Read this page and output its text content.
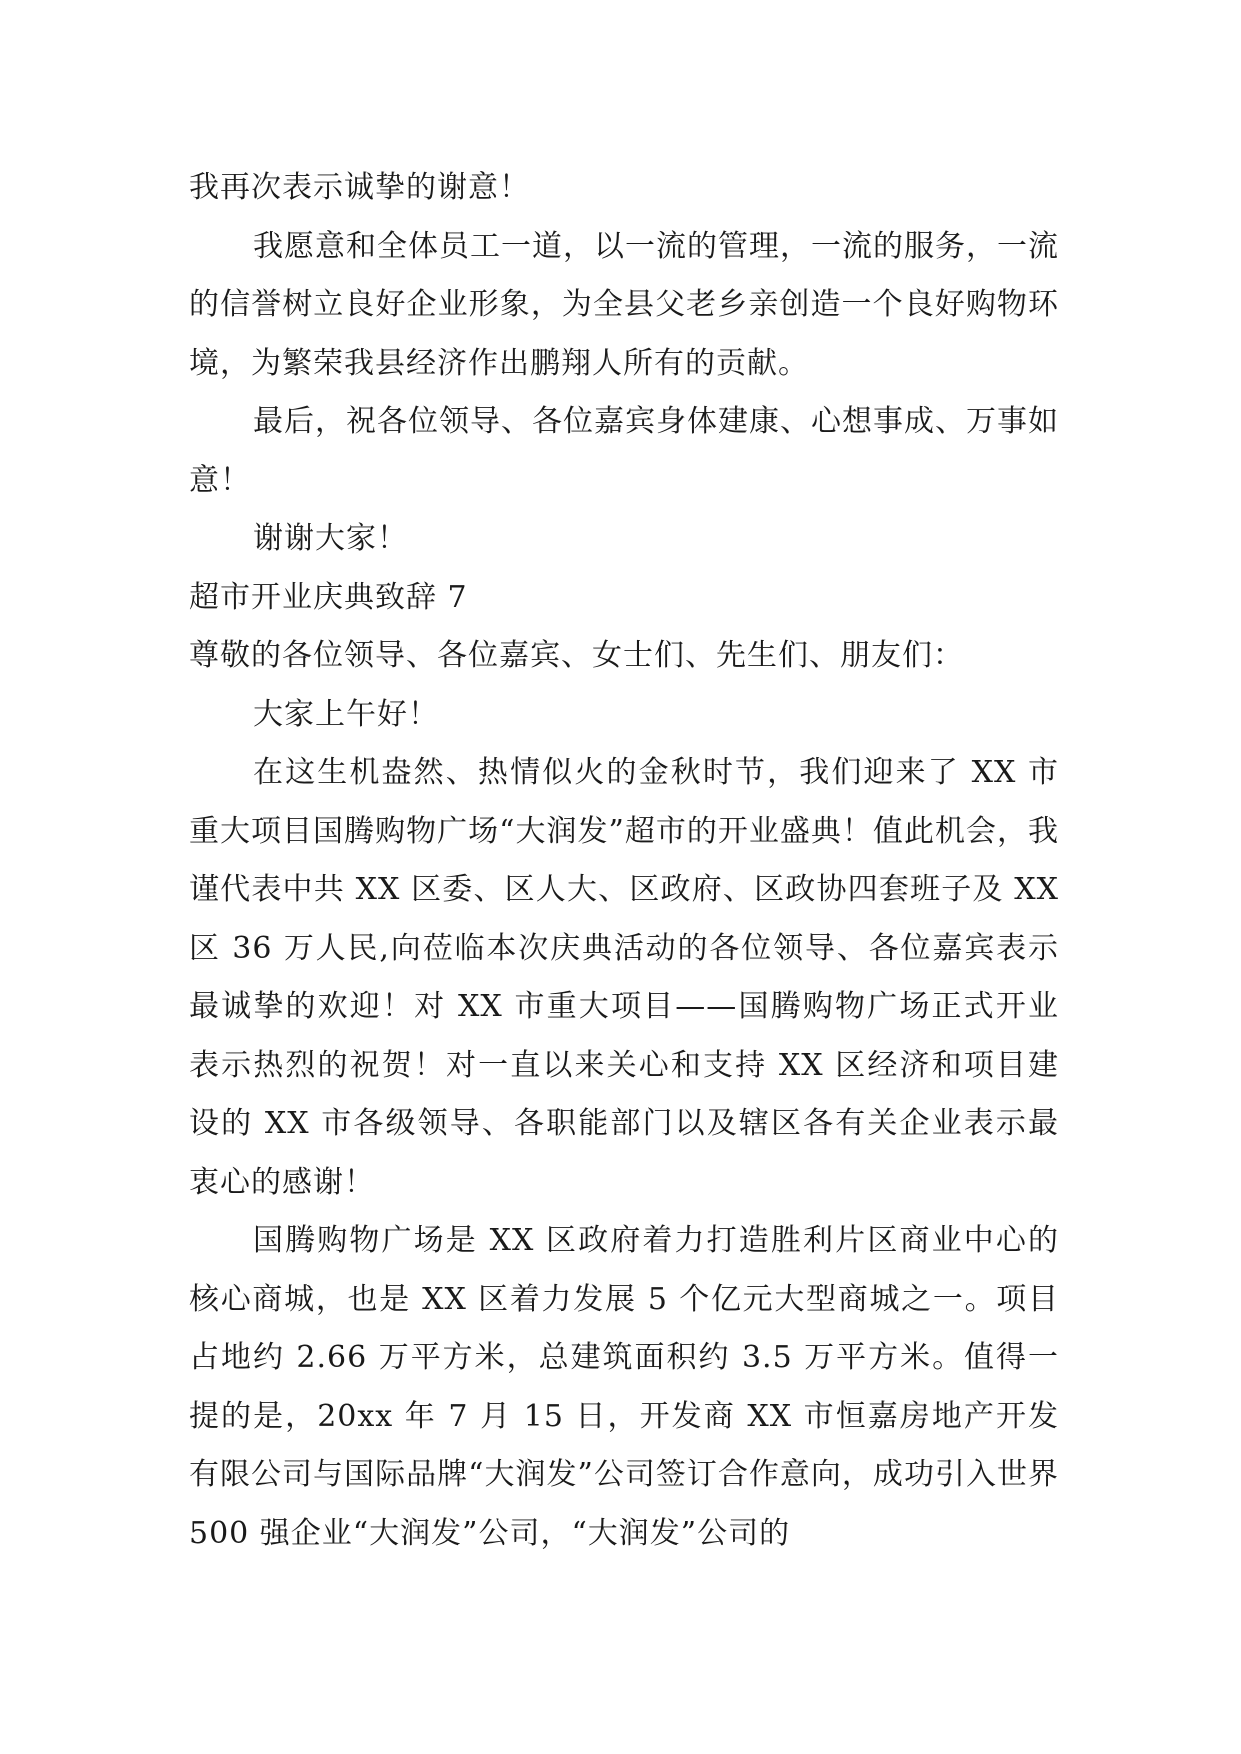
我再次表示诚挚的谢意！

我愿意和全体员工一道，以一流的管理，一流的服务，一流的信誉树立良好企业形象，为全县父老乡亲创造一个良好购物环境，为繁荣我县经济作出鹏翔人所有的贡献。

最后，祝各位领导、各位嘉宾身体建康、心想事成、万事如意！

谢谢大家！

超市开业庆典致辞 7

尊敬的各位领导、各位嘉宾、女士们、先生们、朋友们：

大家上午好！

在这生机盎然、热情似火的金秋时节，我们迎来了 XX 市重大项目国腾购物广场“大润发”超市的开业盛典！值此机会，我谨代表中共 XX 区委、区人大、区政府、区政协四套班子及 XX 区 36 万人民,向莅临本次庆典活动的各位领导、各位嘉宾表示最诚挚的欢迎！对 XX 市重大项目——国腾购物广场正式开业表示热烈的祝贺！对一直以来关心和支持 XX 区经济和项目建设的 XX 市各级领导、各职能部门以及辖区各有关企业表示最衷心的感谢！

国腾购物广场是 XX 区政府着力打造胜利片区商业中心的核心商城，也是 XX 区着力发展 5 个亿元大型商城之一。项目占地约 2.66 万平方米，总建筑面积约 3.5 万平方米。值得一提的是，20xx 年 7 月 15 日，开发商 XX 市恒嘉房地产开发有限公司与国际品牌“大润发”公司签订合作意向，成功引入世界 500 强企业“大润发”公司，“大润发”公司的
